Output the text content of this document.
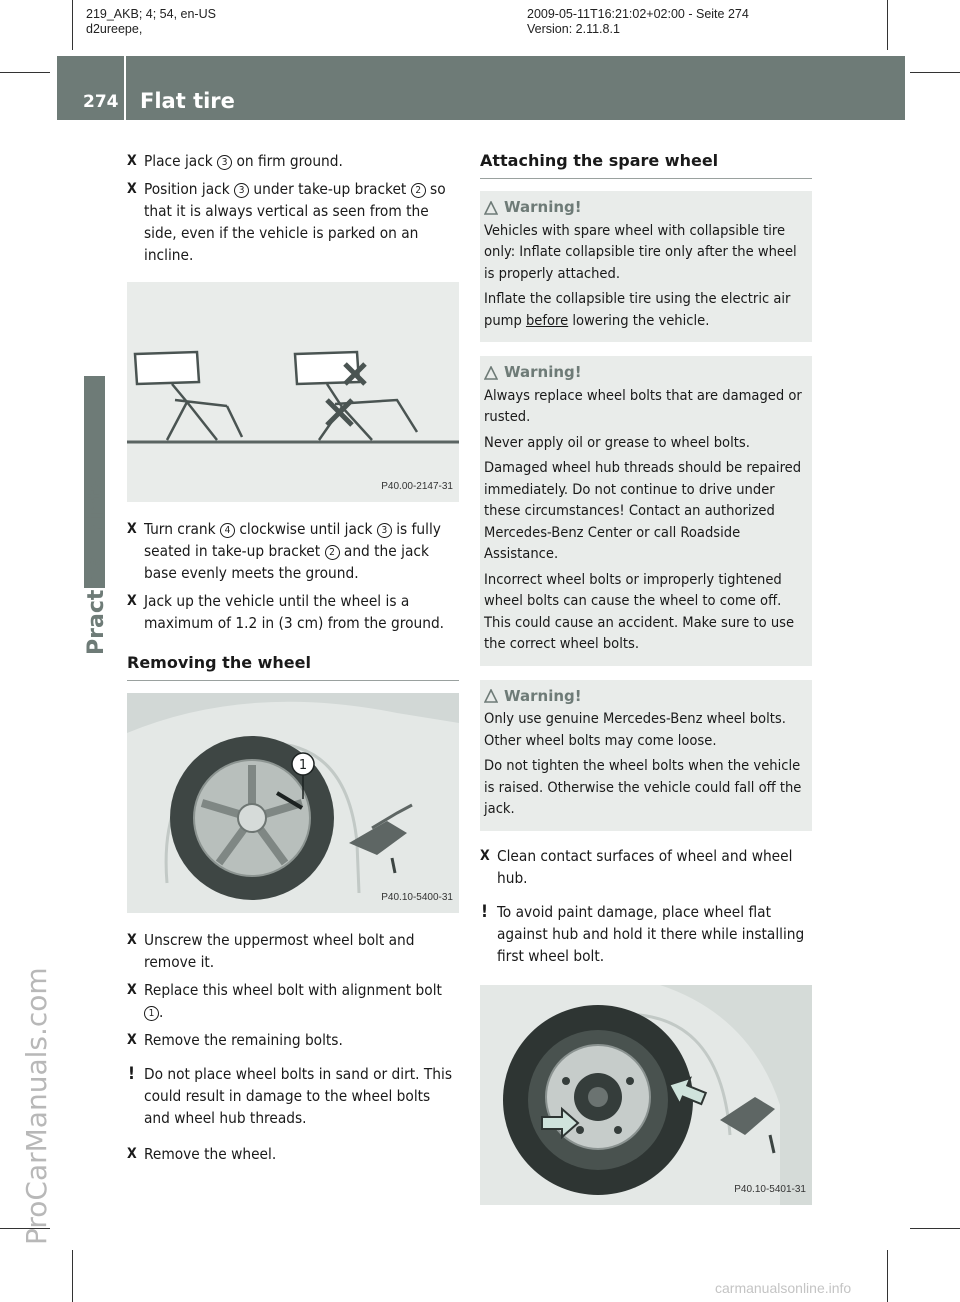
219_AKB; 4; 54, en-US
d2ureepe,
2009-05-11T16:21:02+02:00 - Seite 274
Version: 2.11.8.1
274 Flat tire
Practical hints
ProCarManuals.com
carmanualsonline.info
X Place jack 3 on firm ground.
X Position jack 3 under take-up bracket 2 so that it is always vertical as seen from the side, even if the vehicle is parked on an incline.
P40.00-2147-31
X Turn crank 4 clockwise until jack 3 is fully seated in take-up bracket 2 and the jack base evenly meets the ground.
X Jack up the vehicle until the wheel is a maximum of 1.2 in (3 cm) from the ground.
Removing the wheel
1
P40.10-5400-31
X Unscrew the uppermost wheel bolt and remove it.
X Replace this wheel bolt with alignment bolt 1 .
X Remove the remaining bolts.
! Do not place wheel bolts in sand or dirt. This could result in damage to the wheel bolts and wheel hub threads.
X Remove the wheel.
Attaching the spare wheel
Warning!

Vehicles with spare wheel with collapsible tire only: Inflate collapsible tire only after the wheel is properly attached.

Inflate the collapsible tire using the electric air pump before lowering the vehicle.

Warning!

Always replace wheel bolts that are damaged or rusted.

Never apply oil or grease to wheel bolts.

Damaged wheel hub threads should be repaired immediately. Do not continue to drive under these circumstances! Contact an authorized Mercedes-Benz Center or call Roadside Assistance.

Incorrect wheel bolts or improperly tightened wheel bolts can cause the wheel to come off. This could cause an accident. Make sure to use the correct wheel bolts.

Warning!

Only use genuine Mercedes-Benz wheel bolts. Other wheel bolts may come loose.

Do not tighten the wheel bolts when the vehicle is raised. Otherwise the vehicle could fall off the jack.

X Clean contact surfaces of wheel and wheel hub.
! To avoid paint damage, place wheel flat against hub and hold it there while installing first wheel bolt.
P40.10-5401-31
